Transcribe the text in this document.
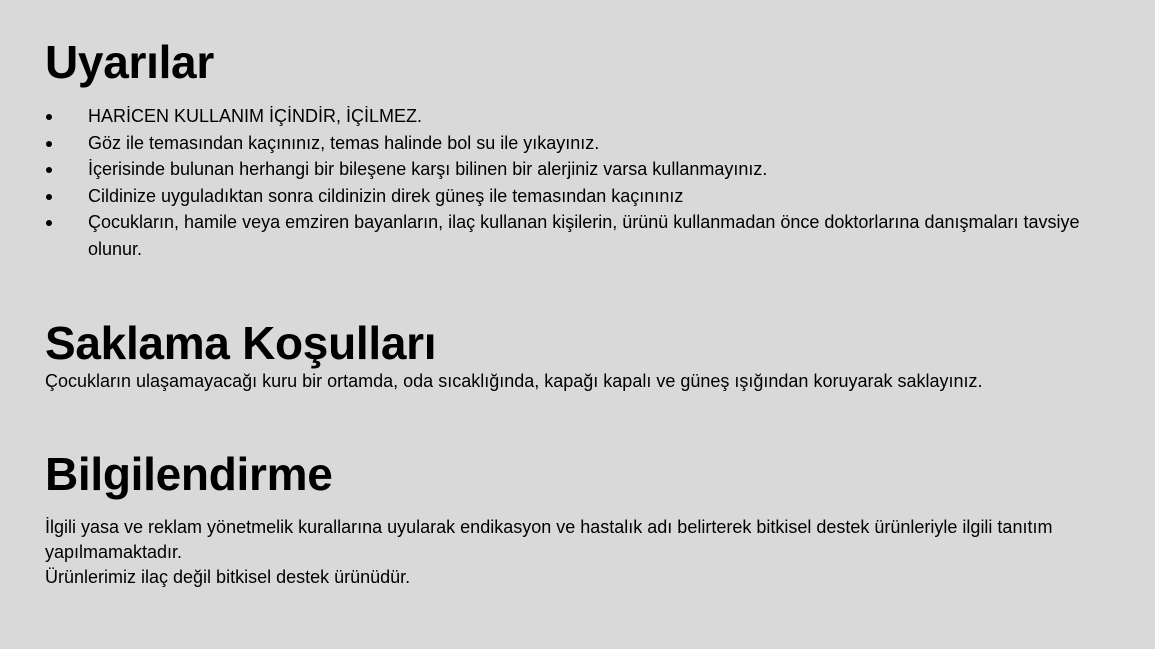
Uyarılar
HARİCEN KULLANIM İÇİNDİR, İÇİLMEZ.
Göz ile temasından kaçınınız, temas halinde bol su ile yıkayınız.
İçerisinde bulunan herhangi bir bileşene karşı bilinen bir alerjiniz varsa kullanmayınız.
Cildinize uyguladıktan sonra cildinizin direk güneş ile temasından kaçınınız
Çocukların, hamile veya emziren bayanların, ilaç kullanan kişilerin, ürünü kullanmadan önce doktorlarına danışmaları tavsiye olunur.
Saklama Koşulları

Çocukların ulaşamayacağı kuru bir ortamda, oda sıcaklığında, kapağı kapalı ve güneş ışığından koruyarak saklayınız.

Bilgilendirme

İlgili yasa ve reklam yönetmelik kurallarına uyularak endikasyon ve hastalık adı belirterek bitkisel destek ürünleriyle ilgili tanıtım yapılmamaktadır.
Ürünlerimiz ilaç değil bitkisel destek ürünüdür.
